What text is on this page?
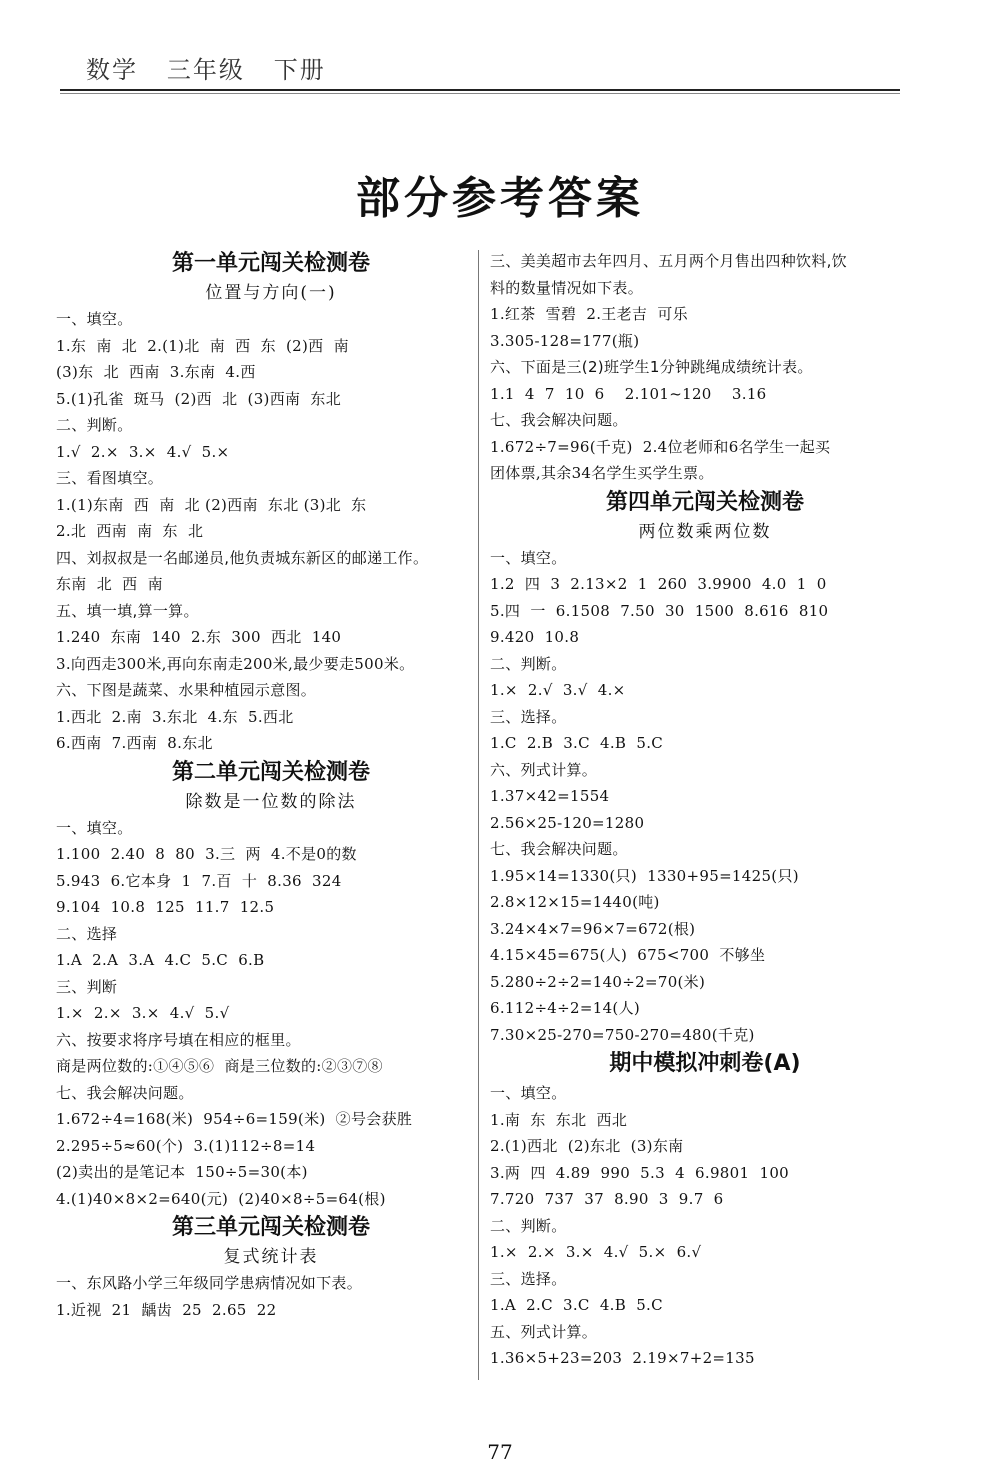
数学   三年级   下册
部分参考答案
第一单元闯关检测卷
位置与方向(一)
一、填空。
1.东  南  北  2.(1)北  南  西  东  (2)西  南
(3)东  北  西南  3.东南  4.西
5.(1)孔雀  斑马  (2)西  北  (3)西南  东北
二、判断。
1.√  2.×  3.×  4.√  5.×
三、看图填空。
1.(1)东南  西  南  北 (2)西南  东北 (3)北  东
2.北  西南  南  东  北
四、刘叔叔是一名邮递员,他负责城东新区的邮递工作。
东南  北  西  南
五、填一填,算一算。
1.240  东南  140  2.东  300  西北  140
3.向西走300米,再向东南走200米,最少要走500米。
六、下图是蔬菜、水果种植园示意图。
1.西北  2.南  3.东北  4.东  5.西北
6.西南  7.西南  8.东北
第二单元闯关检测卷
除数是一位数的除法
一、填空。
1.100  2.40  8  80  3.三  两  4.不是0的数
5.943  6.它本身  1  7.百  十  8.36  324
9.104  10.8  125  11.7  12.5
二、选择
1.A  2.A  3.A  4.C  5.C  6.B
三、判断
1.×  2.×  3.×  4.√  5.√
六、按要求将序号填在相应的框里。
商是两位数的:①④⑤⑥  商是三位数的:②③⑦⑧
七、我会解决问题。
1.672÷4=168(米)  954÷6=159(米)  ②号会获胜
2.295÷5≈60(个)  3.(1)112÷8=14
(2)卖出的是笔记本  150÷5=30(本)
4.(1)40×8×2=640(元)  (2)40×8÷5=64(根)
第三单元闯关检测卷
复式统计表
一、东风路小学三年级同学患病情况如下表。
1.近视  21  龋齿  25  2.65  22
三、美美超市去年四月、五月两个月售出四种饮料,饮
料的数量情况如下表。
1.红茶  雪碧  2.王老吉  可乐
3.305-128=177(瓶)
六、下面是三(2)班学生1分钟跳绳成绩统计表。
1.1  4  7  10  6    2.101~120    3.16
七、我会解决问题。
1.672÷7=96(千克)  2.4位老师和6名学生一起买
团体票,其余34名学生买学生票。
第四单元闯关检测卷
两位数乘两位数
一、填空。
1.2  四  3  2.13×2  1  260  3.9900  4.0  1  0
5.四  一  6.1508  7.50  30  1500  8.616  810
9.420  10.8
二、判断。
1.×  2.√  3.√  4.×
三、选择。
1.C  2.B  3.C  4.B  5.C
六、列式计算。
1.37×42=1554
2.56×25-120=1280
七、我会解决问题。
1.95×14=1330(只)  1330+95=1425(只)
2.8×12×15=1440(吨)
3.24×4×7=96×7=672(根)
4.15×45=675(人)  675<700  不够坐
5.280÷2÷2=140÷2=70(米)
6.112÷4÷2=14(人)
7.30×25-270=750-270=480(千克)
期中模拟冲刺卷(A)
一、填空。
1.南  东  东北  西北
2.(1)西北  (2)东北  (3)东南
3.两  四  4.89  990  5.3  4  6.9801  100
7.720  737  37  8.90  3  9.7  6
二、判断。
1.×  2.×  3.×  4.√  5.×  6.√
三、选择。
1.A  2.C  3.C  4.B  5.C
五、列式计算。
1.36×5+23=203  2.19×7+2=135
77
